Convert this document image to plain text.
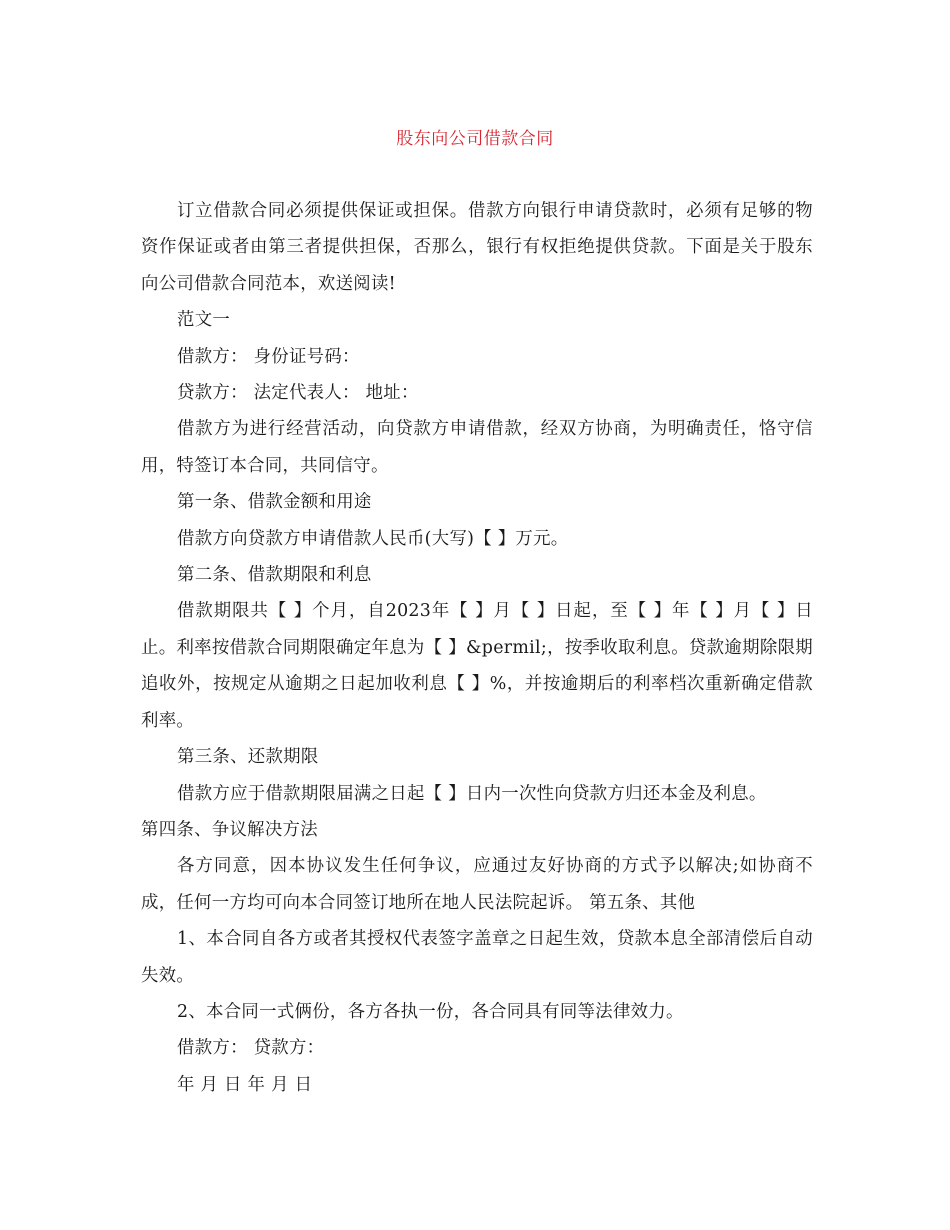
股东向公司借款合同

订立借款合同必须提供保证或担保。借款方向银行申请贷款时，必须有足够的物资作保证或者由第三者提供担保，否那么，银行有权拒绝提供贷款。下面是关于股东向公司借款合同范本，欢送阅读!

范文一

借款方： 身份证号码：

贷款方： 法定代表人： 地址：

借款方为进行经营活动，向贷款方申请借款，经双方协商，为明确责任，恪守信用，特签订本合同，共同信守。

第一条、借款金额和用途

借款方向贷款方申请借款人民币(大写)【 】万元。

第二条、借款期限和利息

借款期限共【 】个月，自2023年【 】月【 】日起，至【 】年【 】月【 】日止。利率按借款合同期限确定年息为【 】&permil;，按季收取利息。贷款逾期除限期追收外，按规定从逾期之日起加收利息【 】%，并按逾期后的利率档次重新确定借款利率。

第三条、还款期限

借款方应于借款期限届满之日起【 】日内一次性向贷款方归还本金及利息。

第四条、争议解决方法

各方同意，因本协议发生任何争议，应通过友好协商的方式予以解决;如协商不成，任何一方均可向本合同签订地所在地人民法院起诉。 第五条、其他

1、本合同自各方或者其授权代表签字盖章之日起生效，贷款本息全部清偿后自动失效。

2、本合同一式俩份，各方各执一份，各合同具有同等法律效力。

借款方： 贷款方：

年 月 日 年 月 日
